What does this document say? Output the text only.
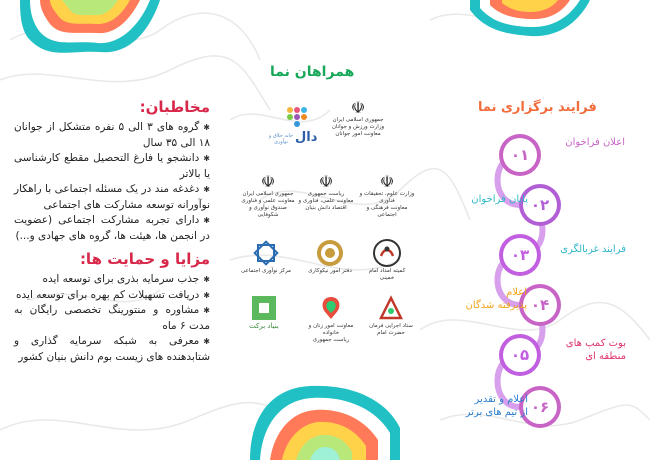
مخاطبان:

✱ گروه های ۳ الی ۵ نفره متشکل از جوانان ۱۸ الی ۳۵ سال

✱ دانشجو یا فارغ التحصیل مقطع کارشناسی یا بالاتر

✱ دغدغه مند در یک مسئله اجتماعی با راهکار نوآورانه توسعه مشارکت های اجتماعی

✱ دارای تجربه مشارکت اجتماعی (عضویت در انجمن ها، هیئت ها، گروه های جهادی و...)

مزایا و حمایت ها:

✱ جذب سرمایه بذری برای توسعه ایده

✱ دریافت تسهیلات کم بهره برای توسعه ایده

✱ مشاوره و منتورینگ تخصصی رایگان به مدت ۶ ماه

✱ معرفی به شبکه سرمایه گذاری و شتابدهنده های زیست بوم دانش بنیان کشور

همراهان نما
دال
خانه خلاق و نوآوری
☫
جمهوری اسلامی ایران
وزارت ورزش و جوانان
معاونت امور جوانان
☫
جمهوری اسلامی ایران
معاونت علمی و فناوری
صندوق نوآوری و شکوفایی
☫
ریاست جمهوری
معاونت علمی، فناوری و اقتصاد دانش بنیان
☫
وزارت علوم، تحقیقات و فناوری
معاونت فرهنگی و اجتماعی
مرکز نوآوری اجتماعی	دفتر امور نیکوکاری	کمیته امداد امام خمینی
بنیاد برکت	معاونت امور زنان و خانواده
ریاست جمهوری
ستاد اجرایی فرمان حضرت امام
فرایند برگزاری نما
۰۱
۰۲
۰۳
۰۴
۰۵
۰۶
اعلان فراخوان
پایان فراخوان
فرایند غربالگری
اعلام
پذیرفته شدگان
بوت کمپ های
منطقه ای
اعلام و تقدیر
از تیم های برتر
